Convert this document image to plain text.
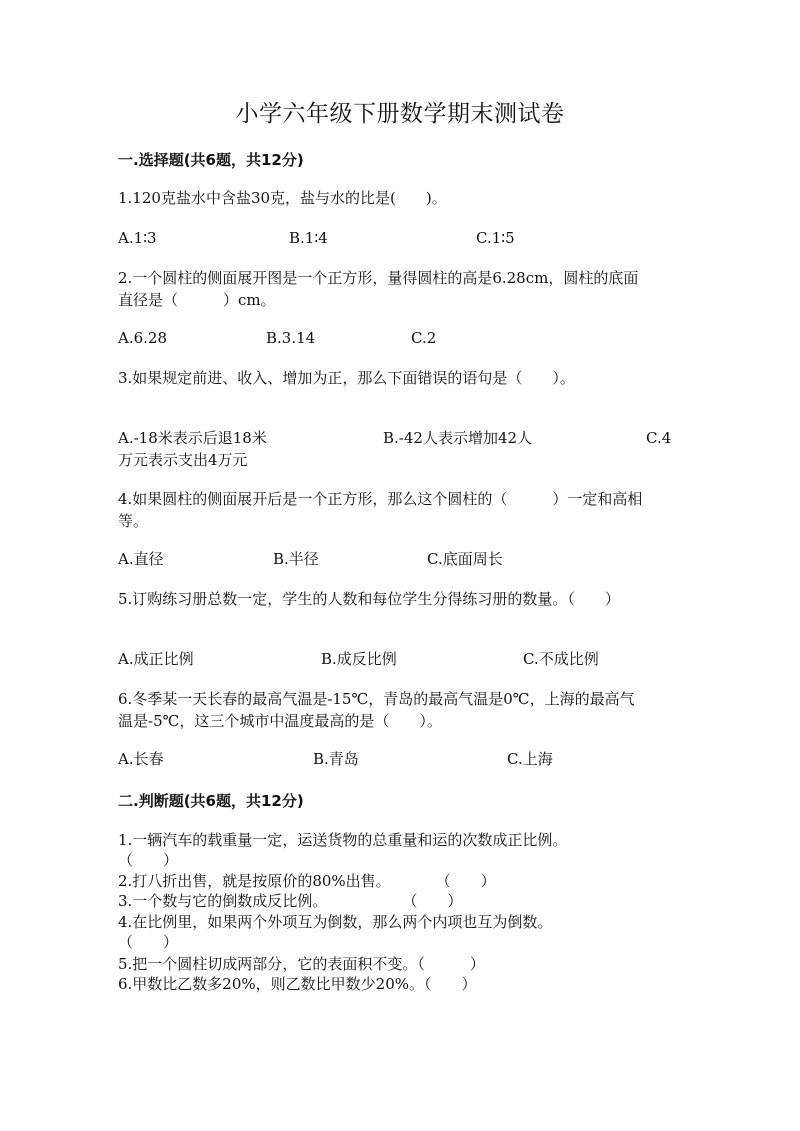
小学六年级下册数学期末测试卷
一.选择题(共6题，共12分)
1.120克盐水中含盐30克，盐与水的比是(　　)。
A.1∶3	B.1∶4	C.1∶5
2.一个圆柱的侧面展开图是一个正方形，量得圆柱的高是6.28cm，圆柱的底面
直径是（　　　）cm。
A.6.28	B.3.14	C.2
3.如果规定前进、收入、增加为正，那么下面错误的语句是（　　）。
A.-18米表示后退18米	B.-42人表示增加42人	C.4
万元表示支出4万元
4.如果圆柱的侧面展开后是一个正方形，那么这个圆柱的（　　　）一定和高相
等。
A.直径	B.半径	C.底面周长
5.订购练习册总数一定，学生的人数和每位学生分得练习册的数量。（　　）
A.成正比例	B.成反比例	C.不成比例
6.冬季某一天长春的最高气温是-15℃，青岛的最高气温是0℃，上海的最高气
温是-5℃，这三个城市中温度最高的是（　　）。
A.长春	B.青岛	C.上海
二.判断题(共6题，共12分)
1.一辆汽车的载重量一定，运送货物的总重量和运的次数成正比例。
（　　）
2.打八折出售，就是按原价的80%出售。　　　　（　　）
3.一个数与它的倒数成反比例。　　　　　　（　　）
4.在比例里，如果两个外项互为倒数，那么两个内项也互为倒数。
（　　）
5.把一个圆柱切成两部分，它的表面积不变。（　　　）
6.甲数比乙数多20%，则乙数比甲数少20%。（　　）
